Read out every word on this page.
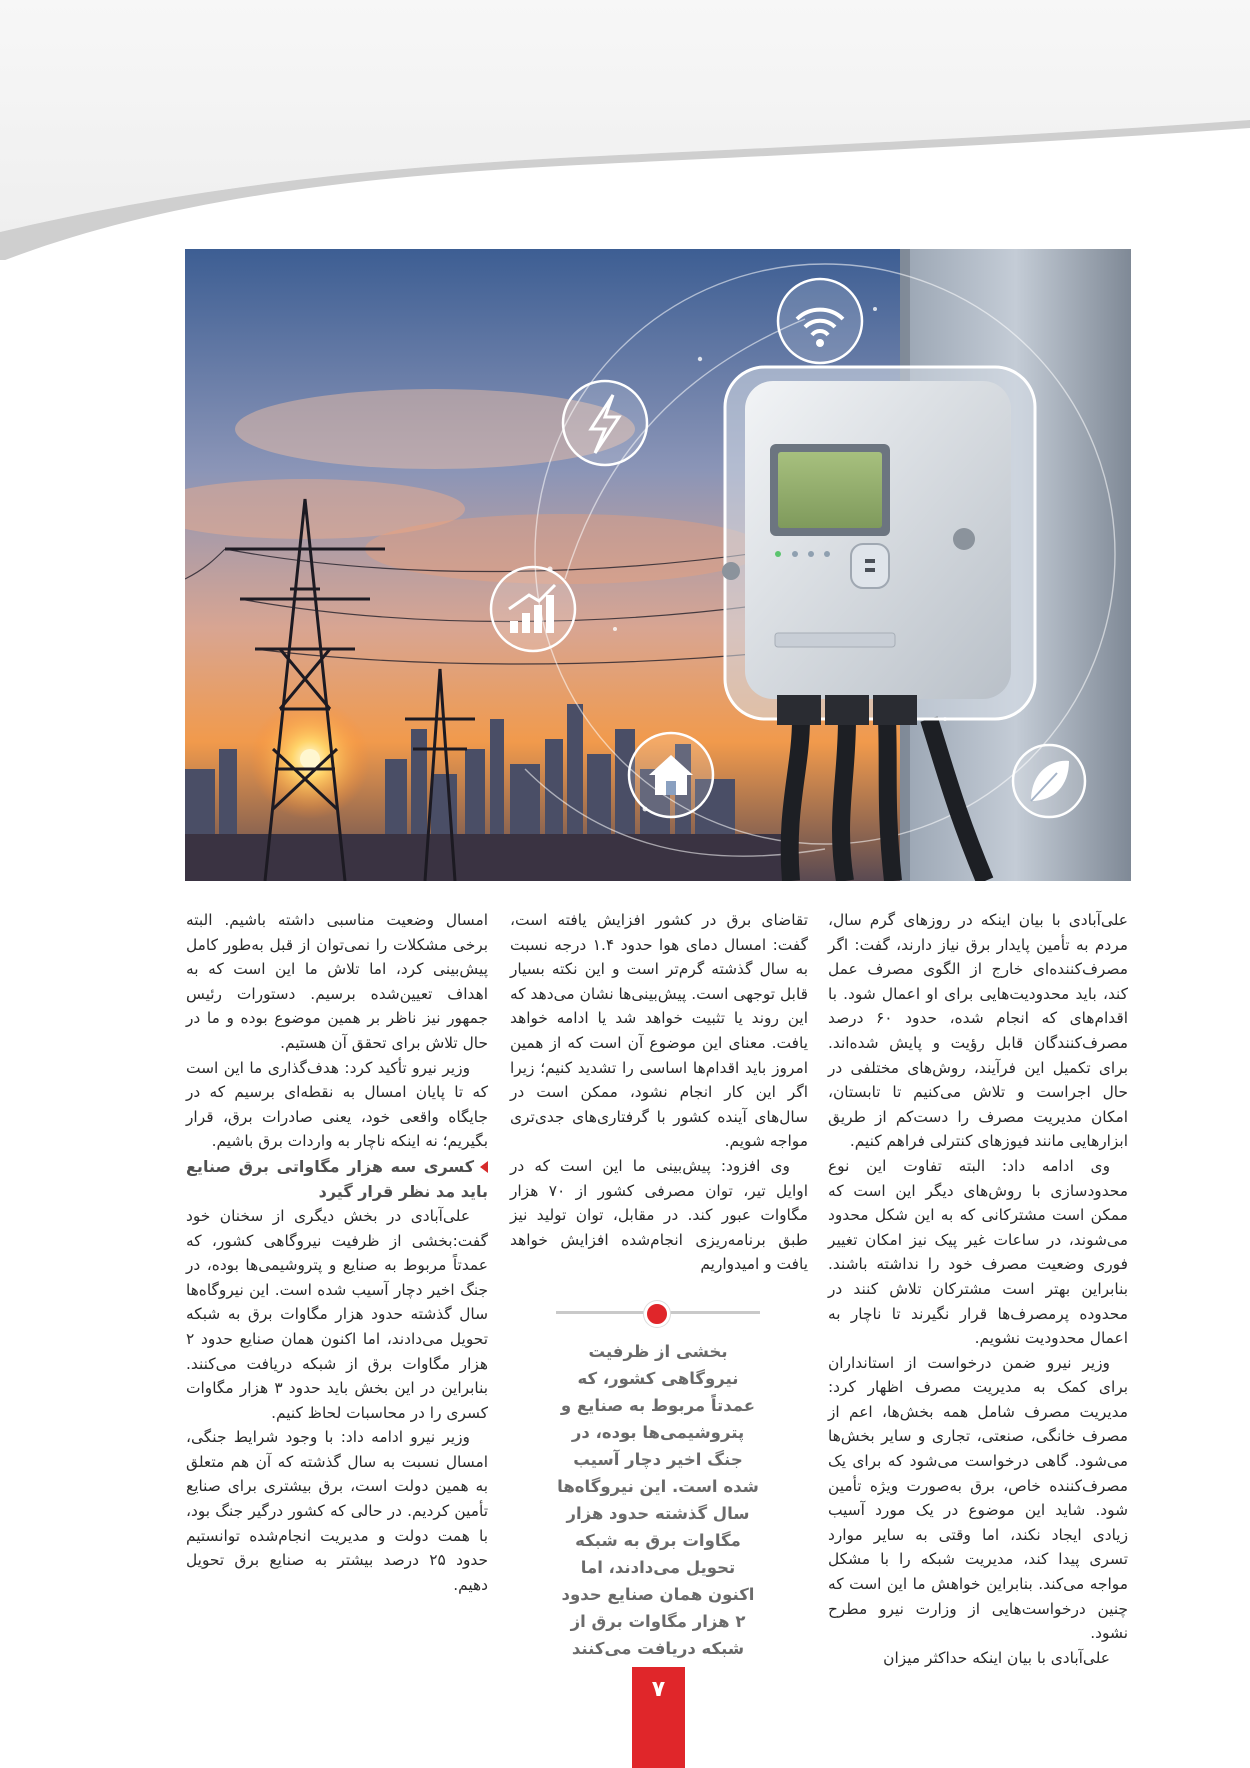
علی‌آبادی با بیان اینکه در روزهای گرم سال، مردم به تأمین پایدار برق نیاز دارند، گفت: اگر مصرف‌کننده‌ای خارج از الگوی مصرف عمل کند، باید محدودیت‌هایی برای او اعمال شود. با اقدام‌های که انجام شده، حدود ۶۰ درصد مصرف‌کنندگان قابل رؤیت و پایش شده‌اند. برای تکمیل این فرآیند، روش‌های مختلفی در حال اجراست و تلاش می‌کنیم تا تابستان، امکان مدیریت مصرف را دست‌کم از طریق ابزارهایی مانند فیوزهای کنترلی فراهم کنیم.

وی ادامه داد: البته تفاوت این نوع محدودسازی با روش‌های دیگر این است که ممکن است مشترکانی که به این شکل محدود می‌شوند، در ساعات غیر پیک نیز امکان تغییر فوری وضعیت مصرف خود را نداشته باشند. بنابراین بهتر است مشترکان تلاش کنند در محدوده پرمصرف‌ها قرار نگیرند تا ناچار به اعمال محدودیت نشویم.

وزیر نیرو ضمن درخواست از استانداران برای کمک به مدیریت مصرف اظهار کرد: مدیریت مصرف شامل همه بخش‌ها، اعم از مصرف خانگی، صنعتی، تجاری و سایر بخش‌ها می‌شود. گاهی درخواست می‌شود که برای یک مصرف‌کننده خاص، برق به‌صورت ویژه تأمین شود. شاید این موضوع در یک مورد آسیب زیادی ایجاد نکند، اما وقتی به سایر موارد تسری پیدا کند، مدیریت شبکه را با مشکل مواجه می‌کند. بنابراین خواهش ما این است که چنین درخواست‌هایی از وزارت نیرو مطرح نشود.

علی‌آبادی با بیان اینکه حداکثر میزان

تقاضای برق در کشور افزایش یافته است، گفت: امسال دمای هوا حدود ۱.۴ درجه نسبت به سال گذشته گرم‌تر است و این نکته بسیار قابل توجهی است. پیش‌بینی‌ها نشان می‌دهد که این روند یا تثبیت خواهد شد یا ادامه خواهد یافت. معنای این موضوع آن است که از همین امروز باید اقدام‌ها اساسی را تشدید کنیم؛ زیرا اگر این کار انجام نشود، ممکن است در سال‌های آینده کشور با گرفتاری‌های جدی‌تری مواجه شویم.

وی افزود: پیش‌بینی ما این است که در اوایل تیر، توان مصرفی کشور از ۷۰ هزار مگاوات عبور کند. در مقابل، توان تولید نیز طبق برنامه‌ریزی انجام‌شده افزایش خواهد یافت و امیدواریم

امسال وضعیت مناسبی داشته باشیم. البته برخی مشکلات را نمی‌توان از قبل به‌طور کامل پیش‌بینی کرد، اما تلاش ما این است که به اهداف تعیین‌شده برسیم. دستورات رئیس جمهور نیز ناظر بر همین موضوع بوده و ما در حال تلاش برای تحقق آن هستیم.

وزیر نیرو تأکید کرد: هدف‌گذاری ما این است که تا پایان امسال به نقطه‌ای برسیم که در جایگاه واقعی خود، یعنی صادرات برق، قرار بگیریم؛ نه اینکه ناچار به واردات برق باشیم.

کسری سه هزار مگاواتی برق صنایع باید مد نظر قرار گیرد

علی‌آبادی در بخش دیگری از سخنان خود گفت:بخشی از ظرفیت نیروگاهی کشور، که عمدتاً مربوط به صنایع و پتروشیمی‌ها بوده، در جنگ اخیر دچار آسیب شده است. این نیروگاه‌ها سال گذشته حدود هزار مگاوات برق به شبکه تحویل می‌دادند، اما اکنون همان صنایع حدود ۲ هزار مگاوات برق از شبکه دریافت می‌کنند. بنابراین در این بخش باید حدود ۳ هزار مگاوات کسری را در محاسبات لحاظ کنیم.

وزیر نیرو ادامه داد: با وجود شرایط جنگی، امسال نسبت به سال گذشته که آن هم متعلق به همین دولت است، برق بیشتری برای صنایع تأمین کردیم. در حالی که کشور درگیر جنگ بود، با همت دولت و مدیریت انجام‌شده توانستیم حدود ۲۵ درصد بیشتر به صنایع برق تحویل دهیم.

بخشی از ظرفیت نیروگاهی کشور، که عمدتاً مربوط به صنایع و پتروشیمی‌ها بوده، در جنگ اخیر دچار آسیب شده است. این نیروگاه‌ها سال گذشته حدود هزار مگاوات برق به شبکه تحویل می‌دادند، اما اکنون همان صنایع حدود ۲ هزار مگاوات برق از شبکه دریافت می‌کنند
۷
